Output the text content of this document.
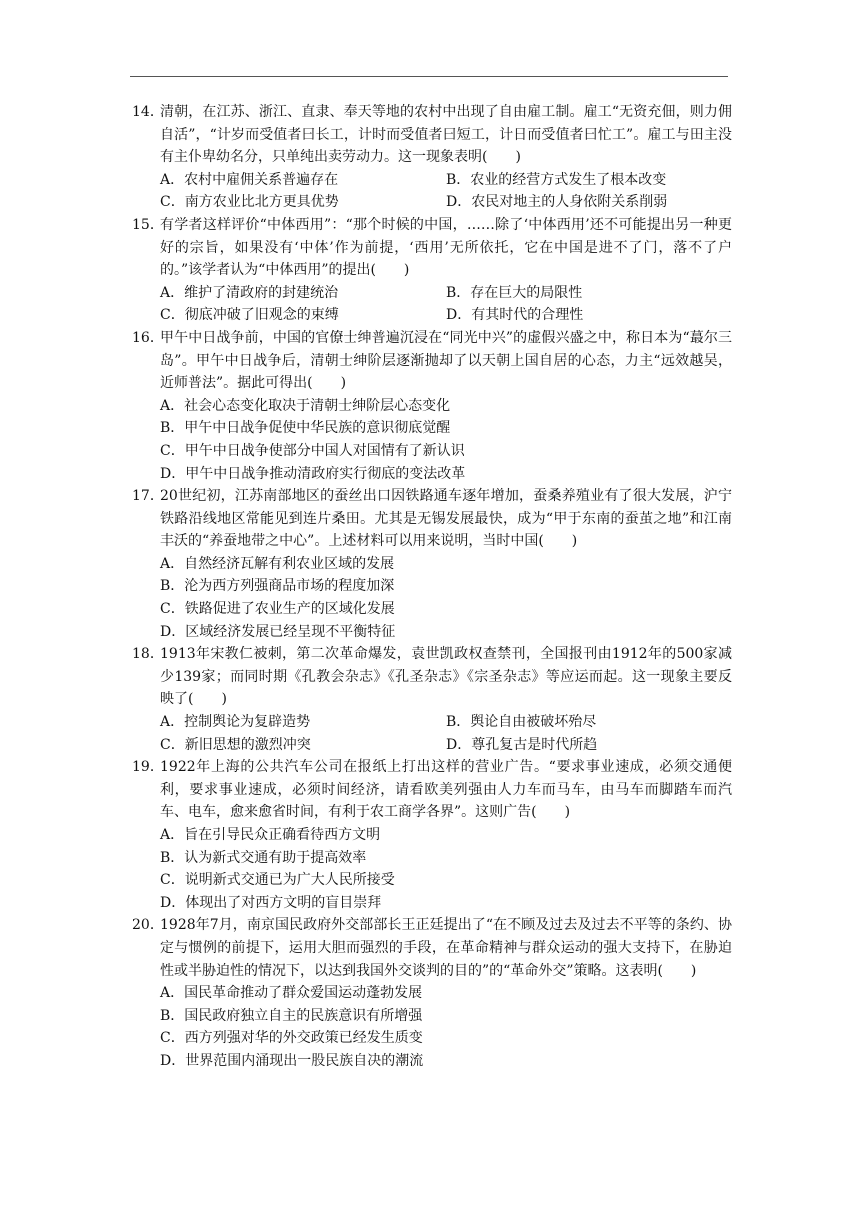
14．
清朝，在江苏、浙江、直隶、奉天等地的农村中出现了自由雇工制。雇工“无资充佃，则力佣自活”，“计岁而受值者曰长工，计时而受值者曰短工，计日而受值者曰忙工”。雇工与田主没有主仆卑幼名分，只单纯出卖劳动力。这一现象表明(　　)
A．农村中雇佣关系普遍存在	B．农业的经营方式发生了根本改变
C．南方农业比北方更具优势	D．农民对地主的人身依附关系削弱
15．
有学者这样评价“中体西用”：“那个时候的中国，……除了‘中体西用’还不可能提出另一种更好的宗旨，如果没有‘中体’作为前提，‘西用’无所依托，它在中国是进不了门，落不了户的。”该学者认为“中体西用”的提出(　　)
A．维护了清政府的封建统治	B．存在巨大的局限性
C．彻底冲破了旧观念的束缚	D．有其时代的合理性
16．
甲午中日战争前，中国的官僚士绅普遍沉浸在“同光中兴”的虚假兴盛之中，称日本为“蕞尔三岛”。甲午中日战争后，清朝士绅阶层逐渐抛却了以天朝上国自居的心态，力主“远效越吴，近师普法”。据此可得出(　　)
A．社会心态变化取决于清朝士绅阶层心态变化
B．甲午中日战争促使中华民族的意识彻底觉醒
C．甲午中日战争使部分中国人对国情有了新认识
D．甲午中日战争推动清政府实行彻底的变法改革
17．
20世纪初，江苏南部地区的蚕丝出口因铁路通车逐年增加，蚕桑养殖业有了很大发展，沪宁铁路沿线地区常能见到连片桑田。尤其是无锡发展最快，成为“甲于东南的蚕茧之地”和江南丰沃的“养蚕地带之中心”。上述材料可以用来说明，当时中国(　　)
A．自然经济瓦解有利农业区域的发展
B．沦为西方列强商品市场的程度加深
C．铁路促进了农业生产的区域化发展
D．区域经济发展已经呈现不平衡特征
18．
1913年宋教仁被刺，第二次革命爆发，袁世凯政权查禁刊，全国报刊由1912年的500家减少139家；而同时期《孔教会杂志》《孔圣杂志》《宗圣杂志》等应运而起。这一现象主要反映了(　　)
A．控制舆论为复辟造势	B．舆论自由被破坏殆尽
C．新旧思想的激烈冲突	D．尊孔复古是时代所趋
19．
1922年上海的公共汽车公司在报纸上打出这样的营业广告。“要求事业速成，必须交通便利，要求事业速成，必须时间经济，请看欧美列强由人力车而马车，由马车而脚踏车而汽车、电车，愈来愈省时间，有利于农工商学各界”。这则广告(　　)
A．旨在引导民众正确看待西方文明
B．认为新式交通有助于提高效率
C．说明新式交通已为广大人民所接受
D．体现出了对西方文明的盲目崇拜
20．
1928年7月，南京国民政府外交部部长王正廷提出了“在不顾及过去及过去不平等的条约、协定与惯例的前提下，运用大胆而强烈的手段，在革命精神与群众运动的强大支持下，在胁迫性或半胁迫性的情况下，以达到我国外交谈判的目的”的“革命外交”策略。这表明(　　)
A．国民革命推动了群众爱国运动蓬勃发展
B．国民政府独立自主的民族意识有所增强
C．西方列强对华的外交政策已经发生质变
D．世界范围内涌现出一股民族自决的潮流
